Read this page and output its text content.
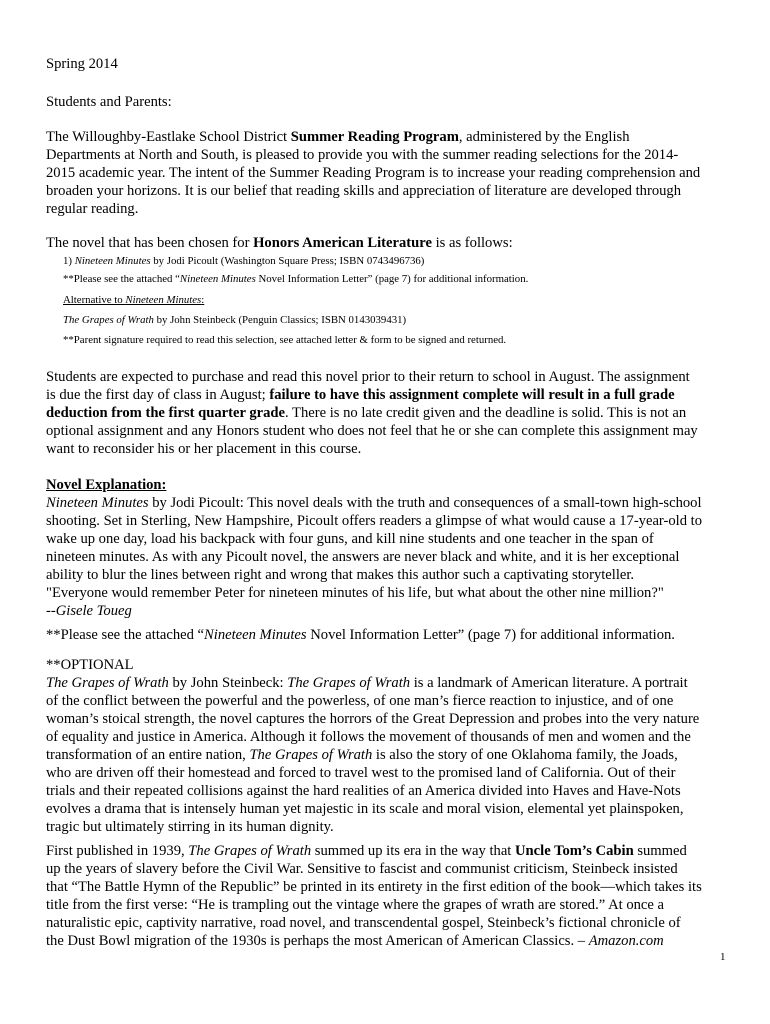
Spring 2014

Students and Parents:

The Willoughby-Eastlake School District Summer Reading Program, administered by the English

Departments at North and South, is pleased to provide you with the summer reading selections for the 2014-

2015 academic year. The intent of the Summer Reading Program is to increase your reading comprehension and

broaden your horizons. It is our belief that reading skills and appreciation of literature are developed through

regular reading.

The novel that has been chosen for Honors American Literature is as follows:

1) Nineteen Minutes by Jodi Picoult (Washington Square Press; ISBN 0743496736)

**Please see the attached “Nineteen Minutes Novel Information Letter” (page 7) for additional information.

Alternative to Nineteen Minutes:

The Grapes of Wrath by John Steinbeck (Penguin Classics; ISBN 0143039431)

**Parent signature required to read this selection, see attached letter & form to be signed and returned.

Students are expected to purchase and read this novel prior to their return to school in August. The assignment

is due the first day of class in August; failure to have this assignment complete will result in a full grade

deduction from the first quarter grade. There is no late credit given and the deadline is solid. This is not an

optional assignment and any Honors student who does not feel that he or she can complete this assignment may

want to reconsider his or her placement in this course.

Novel Explanation:

Nineteen Minutes by Jodi Picoult: This novel deals with the truth and consequences of a small-town high-school

shooting. Set in Sterling, New Hampshire, Picoult offers readers a glimpse of what would cause a 17-year-old to

wake up one day, load his backpack with four guns, and kill nine students and one teacher in the span of

nineteen minutes. As with any Picoult novel, the answers are never black and white, and it is her exceptional

ability to blur the lines between right and wrong that makes this author such a captivating storyteller.

"Everyone would remember Peter for nineteen minutes of his life, but what about the other nine million?"

--Gisele Toueg

**Please see the attached “Nineteen Minutes Novel Information Letter” (page 7) for additional information.

**OPTIONAL

The Grapes of Wrath by John Steinbeck: The Grapes of Wrath is a landmark of American literature. A portrait

of the conflict between the powerful and the powerless, of one man’s fierce reaction to injustice, and of one

woman’s stoical strength, the novel captures the horrors of the Great Depression and probes into the very nature

of equality and justice in America. Although it follows the movement of thousands of men and women and the

transformation of an entire nation, The Grapes of Wrath is also the story of one Oklahoma family, the Joads,

who are driven off their homestead and forced to travel west to the promised land of California. Out of their

trials and their repeated collisions against the hard realities of an America divided into Haves and Have-Nots

evolves a drama that is intensely human yet majestic in its scale and moral vision, elemental yet plainspoken,

tragic but ultimately stirring in its human dignity.

First published in 1939, The Grapes of Wrath summed up its era in the way that Uncle Tom’s Cabin summed

up the years of slavery before the Civil War. Sensitive to fascist and communist criticism, Steinbeck insisted

that “The Battle Hymn of the Republic” be printed in its entirety in the first edition of the book—which takes its

title from the first verse: “He is trampling out the vintage where the grapes of wrath are stored.” At once a

naturalistic epic, captivity narrative, road novel, and transcendental gospel, Steinbeck’s fictional chronicle of

the Dust Bowl migration of the 1930s is perhaps the most American of American Classics. – Amazon.com

1
